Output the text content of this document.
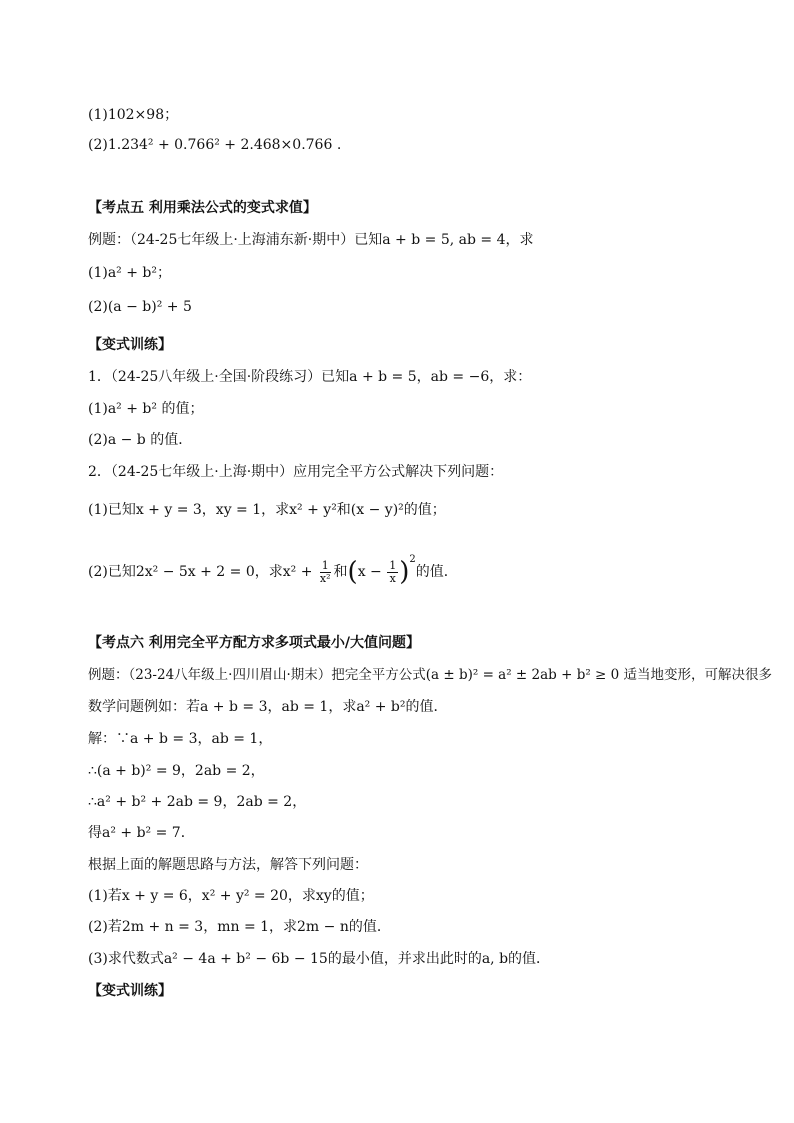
(1)102×98；
(2)1.234² + 0.766² + 2.468×0.766 .
【考点五 利用乘法公式的变式求值】
例题：（24-25七年级上·上海浦东新·期中）已知a + b = 5, ab = 4，求
(1)a² + b²；
(2)(a − b)² + 5
【变式训练】
1．（24-25八年级上·全国·阶段练习）已知a + b = 5，ab = −6，求：
(1)a² + b² 的值；
(2)a − b 的值．
2．（24-25七年级上·上海·期中）应用完全平方公式解决下列问题：
(1)已知x + y = 3，xy = 1，求x² + y²和(x − y)²的值；
(2)已知2x² − 5x + 2 = 0，求$x^2 + \frac{1}{\text{x²}}$ 和$(x - \frac{1}{x} )^2$的值．
【考点六 利用完全平方配方求多项式最小/大值问题】
例题：（23-24八年级上·四川眉山·期末）把完全平方公式(a ± b)² = a² ± 2ab + b² ≥ 0 适当地变形，可解决很多
数学问题例如：若a + b = 3，ab = 1，求a² + b²的值．
解：∵a + b = 3，ab = 1，
∴(a + b)² = 9，2ab = 2，
∴a² + b² + 2ab = 9，2ab = 2，
得a² + b² = 7．
根据上面的解题思路与方法，解答下列问题：
(1)若x + y = 6，x² + y² = 20，求xy的值；
(2)若2m + n = 3，mn = 1，求2m − n的值．
(3)求代数式a² − 4a + b² − 6b − 15的最小值，并求出此时的a, b的值．
【变式训练】
